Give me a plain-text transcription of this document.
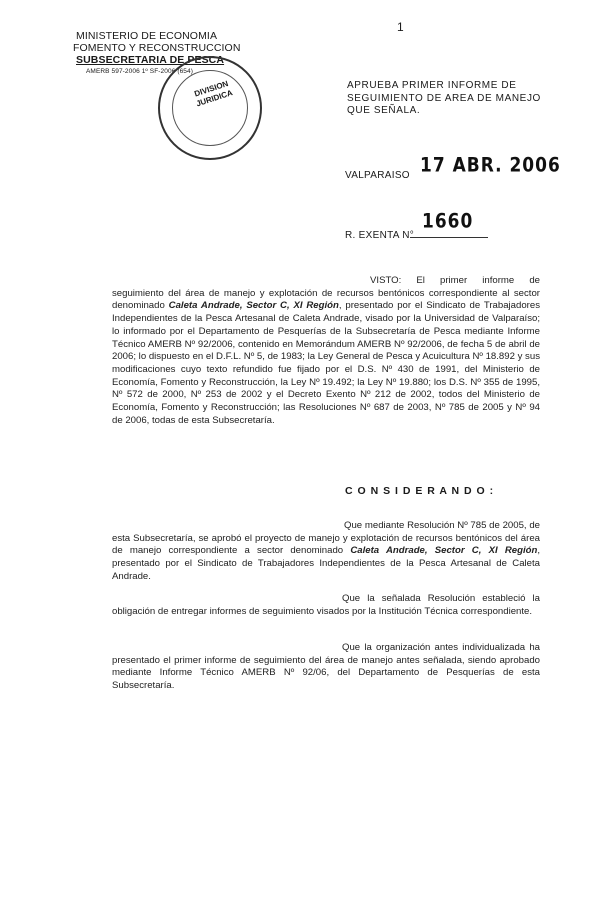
1
MINISTERIO DE ECONOMIA
FOMENTO Y RECONSTRUCCION
SUBSECRETARIA DE PESCA
AMERB 597-2006 1º SF-2006 (654)
DIVISION JURIDICA
APRUEBA PRIMER INFORME DE
SEGUIMIENTO DE AREA DE MANEJO
QUE SEÑALA.
VALPARAISO 17 ABR. 2006
R. EXENTA N°
1660
VISTO: El primer informe de seguimiento del área de manejo y explotación de recursos bentónicos correspondiente al sector denominado Caleta Andrade, Sector C, XI Región, presentado por el Sindicato de Trabajadores Independientes de la Pesca Artesanal de Caleta Andrade, visado por la Universidad de Valparaíso; lo informado por el Departamento de Pesquerías de la Subsecretaría de Pesca mediante Informe Técnico AMERB Nº 92/2006, contenido en Memorándum AMERB Nº 92/2006, de fecha 5 de abril de 2006; lo dispuesto en el D.F.L. Nº 5, de 1983; la Ley General de Pesca y Acuicultura Nº 18.892 y sus modificaciones cuyo texto refundido fue fijado por el D.S. Nº 430 de 1991, del Ministerio de Economía, Fomento y Reconstrucción, la Ley Nº 19.492; la Ley Nº 19.880; los D.S. Nº 355 de 1995, Nº 572 de 2000, Nº 253 de 2002 y el Decreto Exento Nº 212 de 2002, todos del Ministerio de Economía, Fomento y Reconstrucción; las Resoluciones Nº 687 de 2003, Nº 785 de 2005 y Nº 94 de 2006, todas de esta Subsecretaría.
C O N S I D E R A N D O :
Que mediante Resolución Nº 785 de 2005, de esta Subsecretaría, se aprobó el proyecto de manejo y explotación de recursos bentónicos del área de manejo correspondiente a sector denominado Caleta Andrade, Sector C, XI Región, presentado por el Sindicato de Trabajadores Independientes de la Pesca Artesanal de Caleta Andrade.
Que la señalada Resolución estableció la obligación de entregar informes de seguimiento visados por la Institución Técnica correspondiente.
Que la organización antes individualizada ha presentado el primer informe de seguimiento del área de manejo antes señalada, siendo aprobado mediante Informe Técnico AMERB Nº 92/06, del Departamento de Pesquerías de esta Subsecretaría.
